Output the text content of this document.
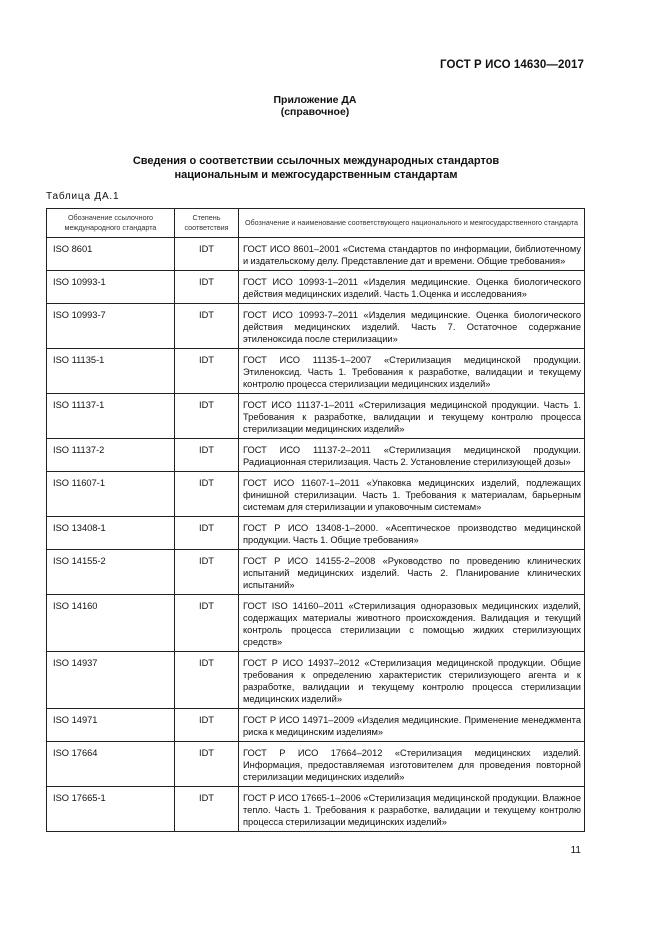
ГОСТ Р ИСО 14630—2017
Приложение ДА
(справочное)
Сведения о соответствии ссылочных международных стандартов
национальным и межгосударственным стандартам
Таблица ДА.1
Обозначение ссылочного международного стандарта	Степень соответствия	Обозначение и наименование соответствующего национального и межгосударственного стандарта
ISO 8601	IDT	ГОСТ ИСО 8601–2001 «Система стандартов по информации, библиотечному и издательскому делу. Представление дат и времени. Общие требования»
ISO 10993-1	IDT	ГОСТ ИСО 10993-1–2011 «Изделия медицинские. Оценка биологического действия медицинских изделий. Часть 1.Оценка и исследования»
ISO 10993-7	IDT	ГОСТ ИСО 10993-7–2011 «Изделия медицинские. Оценка биологического действия медицинских изделий. Часть 7. Остаточное содержание этиленоксида после стерилизации»
ISO 11135-1	IDT	ГОСТ ИСО 11135-1–2007 «Стерилизация медицинской продукции. Этиленоксид. Часть 1. Требования к разработке, валидации и текущему контролю процесса стерилизации медицинских изделий»
ISO 11137-1	IDT	ГОСТ ИСО 11137-1–2011 «Стерилизация медицинской продукции. Часть 1. Требования к разработке, валидации и текущему контролю процесса стерилизации медицинских изделий»
ISO 11137-2	IDT	ГОСТ ИСО 11137-2–2011 «Стерилизация медицинской продукции. Радиационная стерилизация. Часть 2. Установление стерилизующей дозы»
ISO 11607-1	IDT	ГОСТ ИСО 11607-1–2011 «Упаковка медицинских изделий, подлежащих финишной стерилизации. Часть 1. Требования к материалам, барьерным системам для стерилизации и упаковочным системам»
ISO 13408-1	IDT	ГОСТ Р ИСО 13408-1–2000. «Асептическое производство медицинской продукции. Часть 1. Общие требования»
ISO 14155-2	IDT	ГОСТ Р ИСО 14155-2–2008 «Руководство по проведению клинических испытаний медицинских изделий. Часть 2. Планирование клинических испытаний»
ISO 14160	IDT	ГОСТ ISO 14160–2011 «Стерилизация одноразовых медицинских изделий, содержащих материалы животного происхождения. Валидация и текущий контроль процесса стерилизации с помощью жидких стерилизующих средств»
ISO 14937	IDT	ГОСТ Р ИСО 14937–2012 «Стерилизация медицинской продукции. Общие требования к определению характеристик стерилизующего агента и к разработке, валидации и текущему контролю процесса стерилизации медицинских изделий»
ISO 14971	IDT	ГОСТ Р ИСО 14971–2009 «Изделия медицинские. Применение менеджмента риска к медицинским изделиям»
ISO 17664	IDT	ГОСТ Р ИСО 17664–2012 «Стерилизация медицинских изделий. Информация, предоставляемая изготовителем для проведения повторной стерилизации медицинских изделий»
ISO 17665-1	IDT	ГОСТ Р ИСО 17665-1–2006 «Стерилизация медицинской продукции. Влажное тепло. Часть 1. Требования к разработке, валидации и текущему контролю процесса стерилизации медицинских изделий»
11
